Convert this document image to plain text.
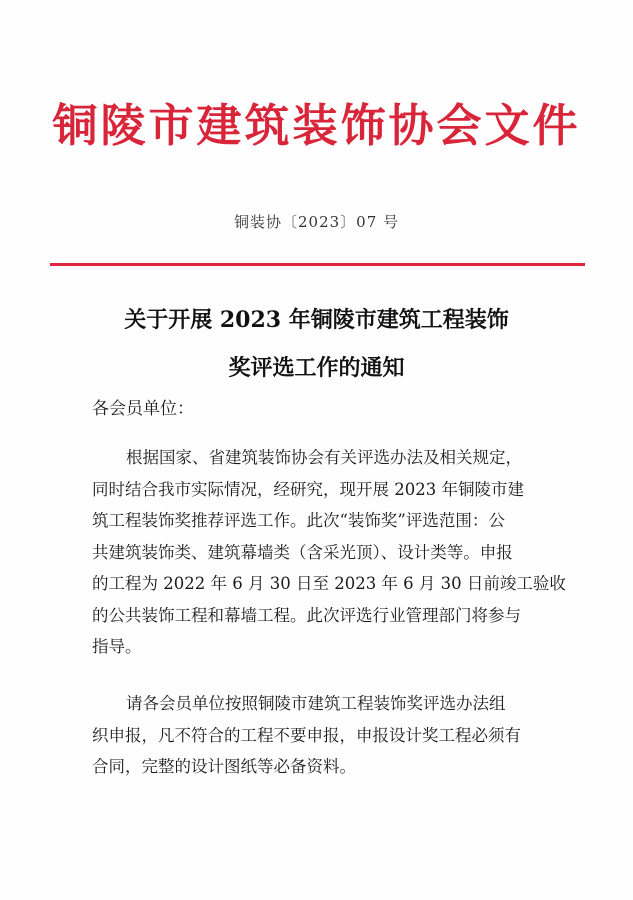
铜陵市建筑装饰协会文件
铜装协〔2023〕07 号
关于开展 2023 年铜陵市建筑工程装饰
奖评选工作的通知
各会员单位：
根据国家、省建筑装饰协会有关评选办法及相关规定，
同时结合我市实际情况，经研究，现开展 2023 年铜陵市建
筑工程装饰奖推荐评选工作。此次“装饰奖”评选范围：公
共建筑装饰类、建筑幕墙类（含采光顶）、设计类等。申报
的工程为 2022 年 6 月 30 日至 2023 年 6 月 30 日前竣工验收
的公共装饰工程和幕墙工程。此次评选行业管理部门将参与
指导。
请各会员单位按照铜陵市建筑工程装饰奖评选办法组
织申报，凡不符合的工程不要申报，申报设计奖工程必须有
合同，完整的设计图纸等必备资料。
